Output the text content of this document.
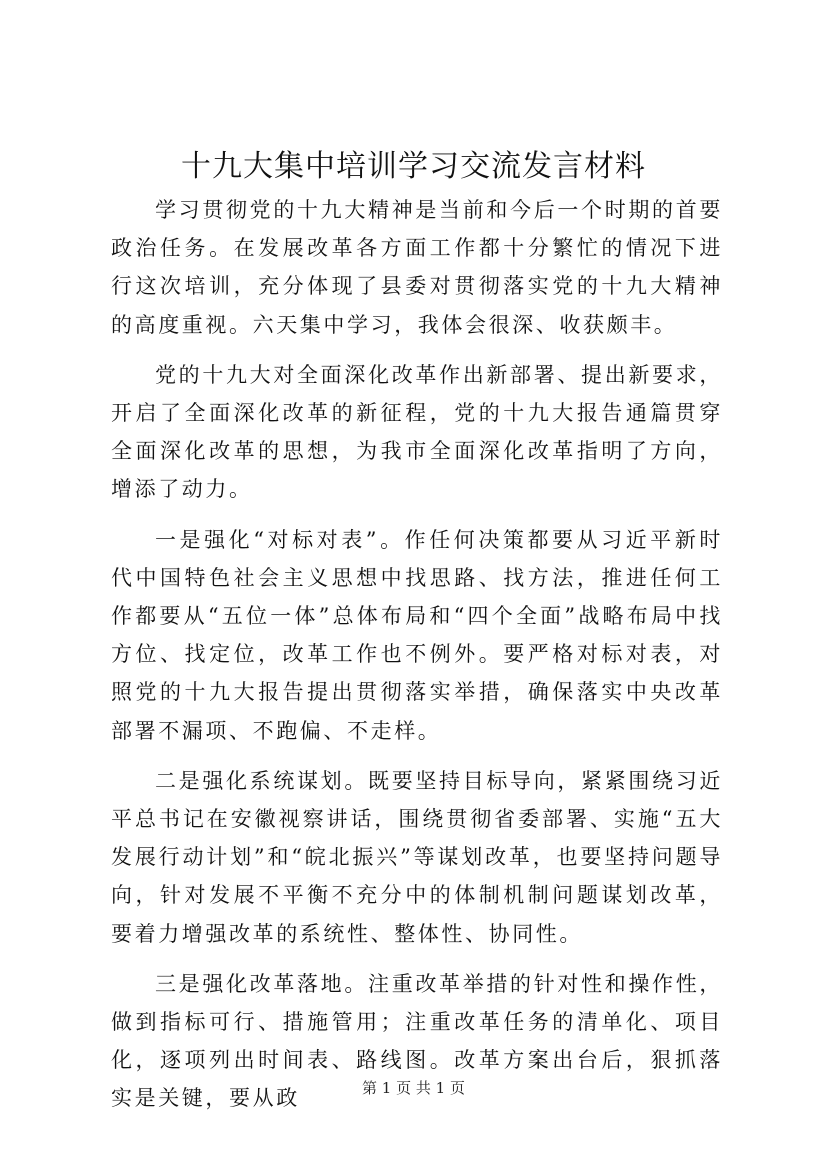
十九大集中培训学习交流发言材料

学习贯彻党的十九大精神是当前和今后一个时期的首要政治任务。在发展改革各方面工作都十分繁忙的情况下进行这次培训，充分体现了县委对贯彻落实党的十九大精神的高度重视。六天集中学习，我体会很深、收获颇丰。

党的十九大对全面深化改革作出新部署、提出新要求，开启了全面深化改革的新征程，党的十九大报告通篇贯穿全面深化改革的思想，为我市全面深化改革指明了方向，增添了动力。

一是强化“对标对表”。作任何决策都要从习近平新时代中国特色社会主义思想中找思路、找方法，推进任何工作都要从“五位一体”总体布局和“四个全面”战略布局中找方位、找定位，改革工作也不例外。要严格对标对表，对照党的十九大报告提出贯彻落实举措，确保落实中央改革部署不漏项、不跑偏、不走样。

二是强化系统谋划。既要坚持目标导向，紧紧围绕习近平总书记在安徽视察讲话，围绕贯彻省委部署、实施“五大发展行动计划”和“皖北振兴”等谋划改革，也要坚持问题导向，针对发展不平衡不充分中的体制机制问题谋划改革，要着力增强改革的系统性、整体性、协同性。

三是强化改革落地。注重改革举措的针对性和操作性，做到指标可行、措施管用；注重改革任务的清单化、项目化，逐项列出时间表、路线图。改革方案出台后，狠抓落实是关键，要从政	第 1 页 共 1 页
